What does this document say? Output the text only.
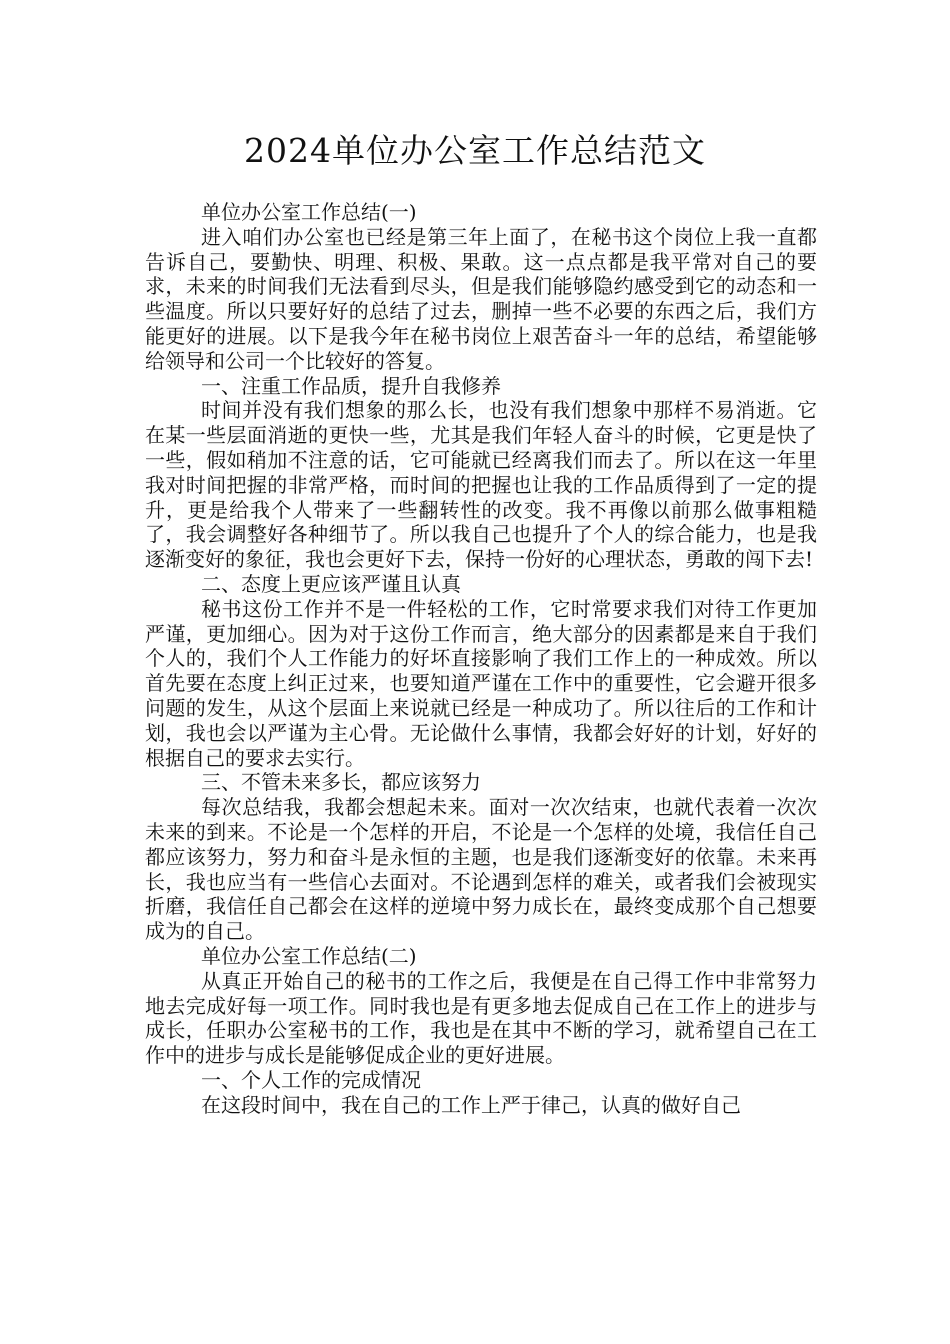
2024单位办公室工作总结范文

单位办公室工作总结(一)

进入咱们办公室也已经是第三年上面了，在秘书这个岗位上我一直都告诉自己，要勤快、明理、积极、果敢。这一点点都是我平常对自己的要求，未来的时间我们无法看到尽头，但是我们能够隐约感受到它的动态和一些温度。所以只要好好的总结了过去，删掉一些不必要的东西之后，我们方能更好的进展。以下是我今年在秘书岗位上艰苦奋斗一年的总结，希望能够给领导和公司一个比较好的答复。

一、注重工作品质，提升自我修养

时间并没有我们想象的那么长，也没有我们想象中那样不易消逝。它在某一些层面消逝的更快一些，尤其是我们年轻人奋斗的时候，它更是快了一些，假如稍加不注意的话，它可能就已经离我们而去了。所以在这一年里我对时间把握的非常严格，而时间的把握也让我的工作品质得到了一定的提升，更是给我个人带来了一些翻转性的改变。我不再像以前那么做事粗糙了，我会调整好各种细节了。所以我自己也提升了个人的综合能力，也是我逐渐变好的象征，我也会更好下去，保持一份好的心理状态，勇敢的闯下去!

二、态度上更应该严谨且认真

秘书这份工作并不是一件轻松的工作，它时常要求我们对待工作更加严谨，更加细心。因为对于这份工作而言，绝大部分的因素都是来自于我们个人的，我们个人工作能力的好坏直接影响了我们工作上的一种成效。所以首先要在态度上纠正过来，也要知道严谨在工作中的重要性，它会避开很多问题的发生，从这个层面上来说就已经是一种成功了。所以往后的工作和计划，我也会以严谨为主心骨。无论做什么事情，我都会好好的计划，好好的根据自己的要求去实行。

三、不管未来多长，都应该努力

每次总结我，我都会想起未来。面对一次次结束，也就代表着一次次未来的到来。不论是一个怎样的开启，不论是一个怎样的处境，我信任自己都应该努力，努力和奋斗是永恒的主题，也是我们逐渐变好的依靠。未来再长，我也应当有一些信心去面对。不论遇到怎样的难关，或者我们会被现实折磨，我信任自己都会在这样的逆境中努力成长在，最终变成那个自己想要成为的自己。

单位办公室工作总结(二)

从真正开始自己的秘书的工作之后，我便是在自己得工作中非常努力地去完成好每一项工作。同时我也是有更多地去促成自己在工作上的进步与成长，任职办公室秘书的工作，我也是在其中不断的学习，就希望自己在工作中的进步与成长是能够促成企业的更好进展。

一、个人工作的完成情况

在这段时间中，我在自己的工作上严于律己，认真的做好自己
